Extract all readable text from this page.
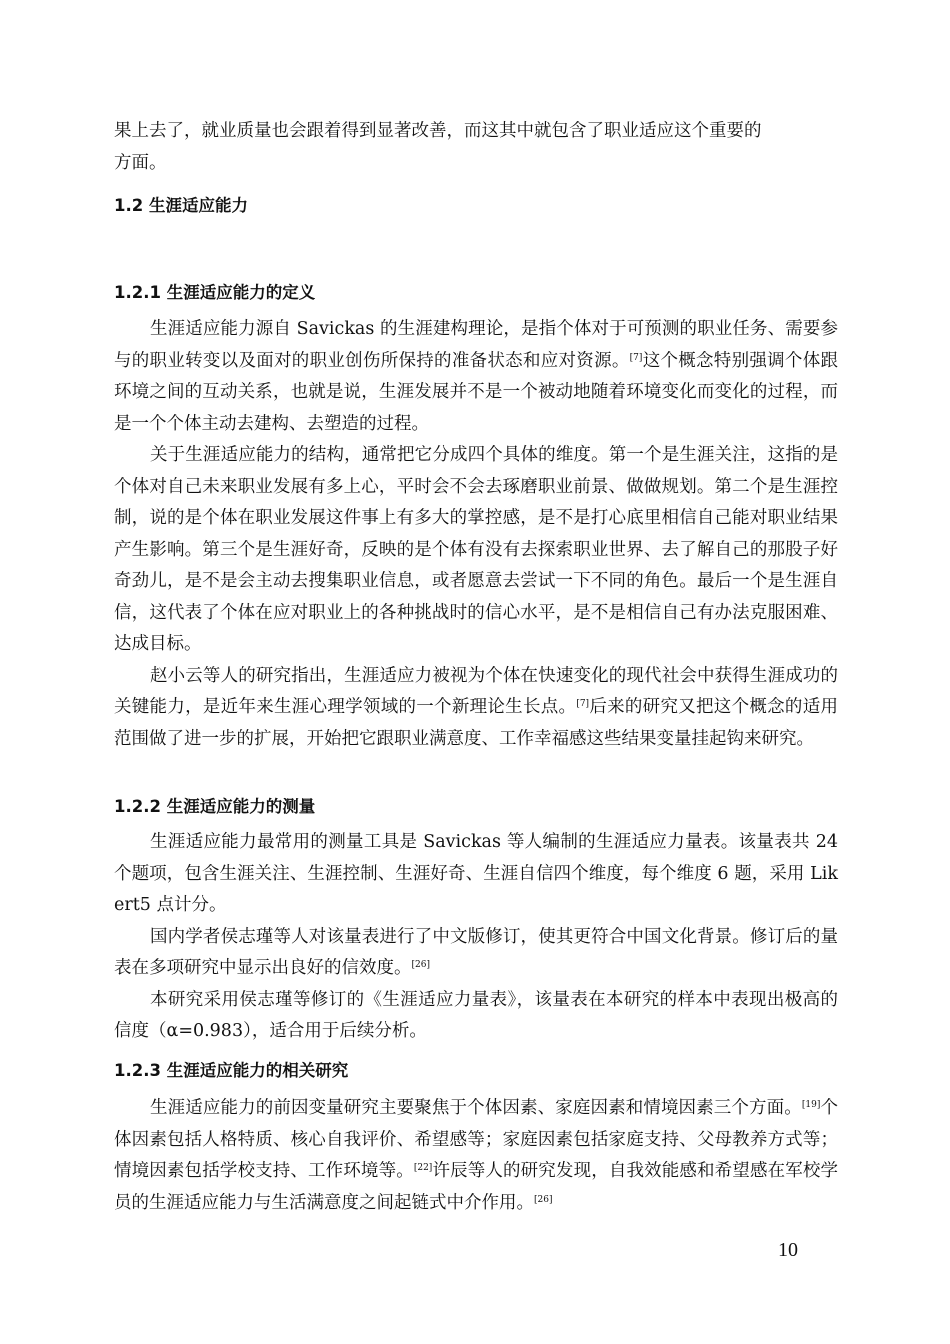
果上去了，就业质量也会跟着得到显著改善，而这其中就包含了职业适应这个重要的

方面。

1.2 生涯适应能力

1.2.1 生涯适应能力的定义

生涯适应能力源自 Savickas 的生涯建构理论，是指个体对于可预测的职业任务、需要参与的职业转变以及面对的职业创伤所保持的准备状态和应对资源。[7]这个概念特别强调个体跟环境之间的互动关系，也就是说，生涯发展并不是一个被动地随着环境变化而变化的过程，而是一个个体主动去建构、去塑造的过程。

关于生涯适应能力的结构，通常把它分成四个具体的维度。第一个是生涯关注，这指的是个体对自己未来职业发展有多上心，平时会不会去琢磨职业前景、做做规划。第二个是生涯控制，说的是个体在职业发展这件事上有多大的掌控感，是不是打心底里相信自己能对职业结果产生影响。第三个是生涯好奇，反映的是个体有没有去探索职业世界、去了解自己的那股子好奇劲儿，是不是会主动去搜集职业信息，或者愿意去尝试一下不同的角色。最后一个是生涯自信，这代表了个体在应对职业上的各种挑战时的信心水平，是不是相信自己有办法克服困难、达成目标。

赵小云等人的研究指出，生涯适应力被视为个体在快速变化的现代社会中获得生涯成功的关键能力，是近年来生涯心理学领域的一个新理论生长点。[7]后来的研究又把这个概念的适用范围做了进一步的扩展，开始把它跟职业满意度、工作幸福感这些结果变量挂起钩来研究。

1.2.2 生涯适应能力的测量

生涯适应能力最常用的测量工具是 Savickas 等人编制的生涯适应力量表。该量表共 24 个题项，包含生涯关注、生涯控制、生涯好奇、生涯自信四个维度，每个维度 6 题，采用 Likert5 点计分。

国内学者侯志瑾等人对该量表进行了中文版修订，使其更符合中国文化背景。修订后的量表在多项研究中显示出良好的信效度。[26]

本研究采用侯志瑾等修订的《生涯适应力量表》，该量表在本研究的样本中表现出极高的信度（α=0.983），适合用于后续分析。

1.2.3 生涯适应能力的相关研究

生涯适应能力的前因变量研究主要聚焦于个体因素、家庭因素和情境因素三个方面。[19]个体因素包括人格特质、核心自我评价、希望感等；家庭因素包括家庭支持、父母教养方式等；情境因素包括学校支持、工作环境等。[22]许辰等人的研究发现，自我效能感和希望感在军校学员的生涯适应能力与生活满意度之间起链式中介作用。[26]

10
